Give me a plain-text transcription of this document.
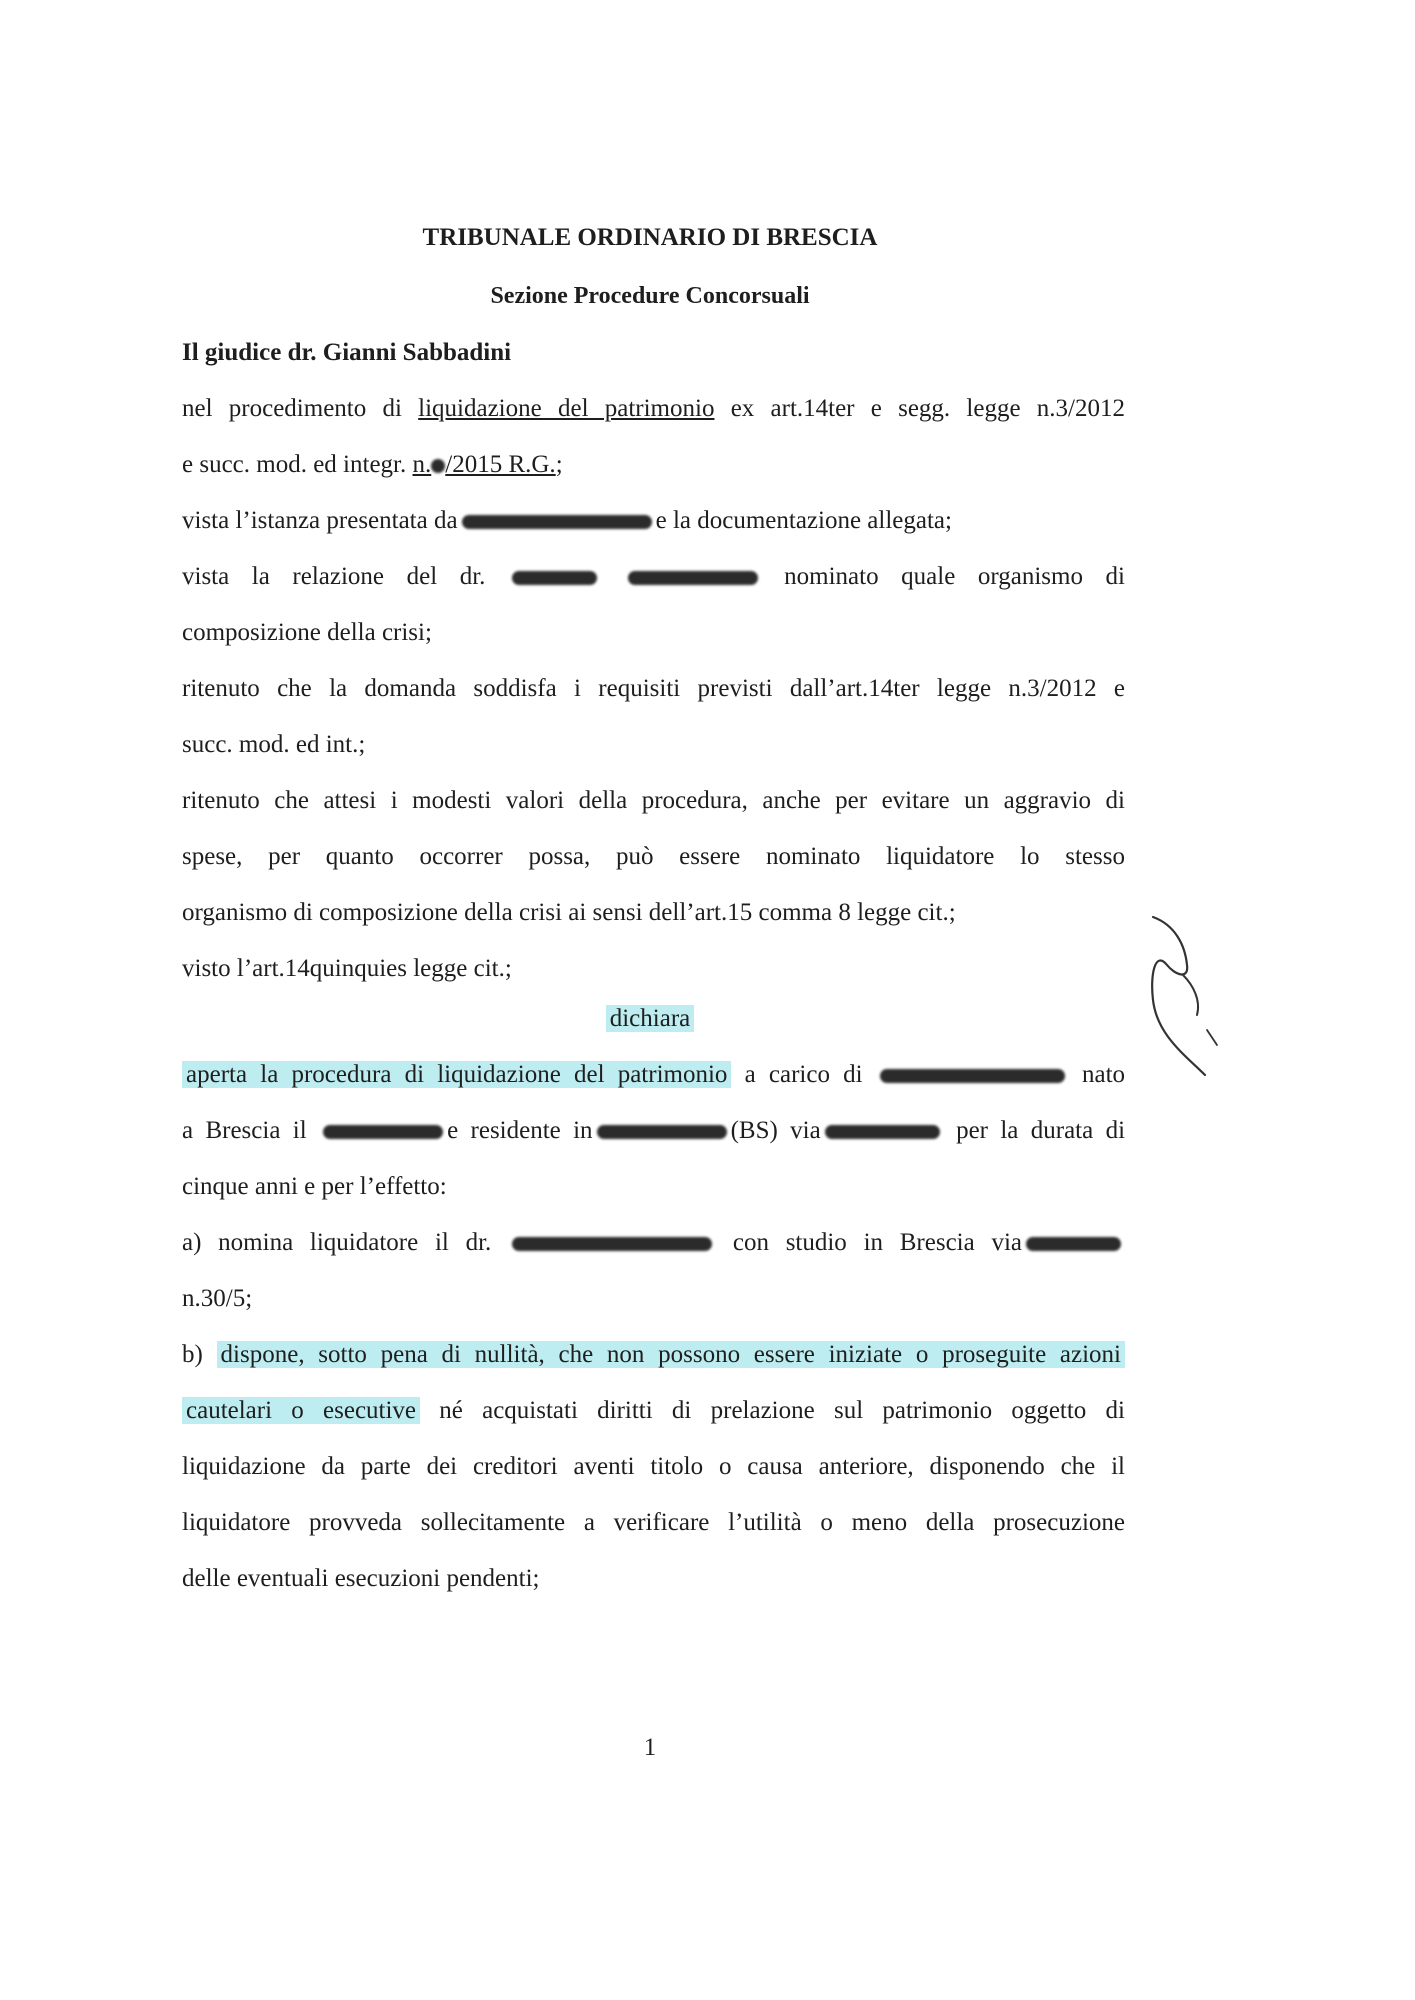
TRIBUNALE ORDINARIO DI BRESCIA
Sezione Procedure Concorsuali
Il giudice dr. Gianni Sabbadini
nel procedimento di liquidazione del patrimonio ex art.14ter e segg. legge n.3/2012
e succ. mod. ed integr. n. /2015 R.G.;
vista l’istanza presentata da	e la documentazione allegata;
vista la relazione del dr.	nominato quale organismo di
composizione della crisi;
ritenuto che la domanda soddisfa i requisiti previsti dall’art.14ter legge n.3/2012 e
succ. mod. ed int.;
ritenuto che attesi i modesti valori della procedura, anche per evitare un aggravio di
spese, per quanto occorrer possa, può essere nominato liquidatore lo stesso
organismo di composizione della crisi ai sensi dell’art.15 comma 8 legge cit.;
visto l’art.14quinquies legge cit.;
dichiara
aperta la procedura di liquidazione del patrimonio a carico di	nato
a Brescia il	e residente in	(BS) via	per la durata di
cinque anni e per l’effetto:
a) nomina liquidatore il dr.	con studio in Brescia via
n.30/5;
b) dispone, sotto pena di nullità, che non possono essere iniziate o proseguite azioni
cautelari o esecutive né acquistati diritti di prelazione sul patrimonio oggetto di
liquidazione da parte dei creditori aventi titolo o causa anteriore, disponendo che il
liquidatore provveda sollecitamente a verificare l’utilità o meno della prosecuzione
delle eventuali esecuzioni pendenti;
1
